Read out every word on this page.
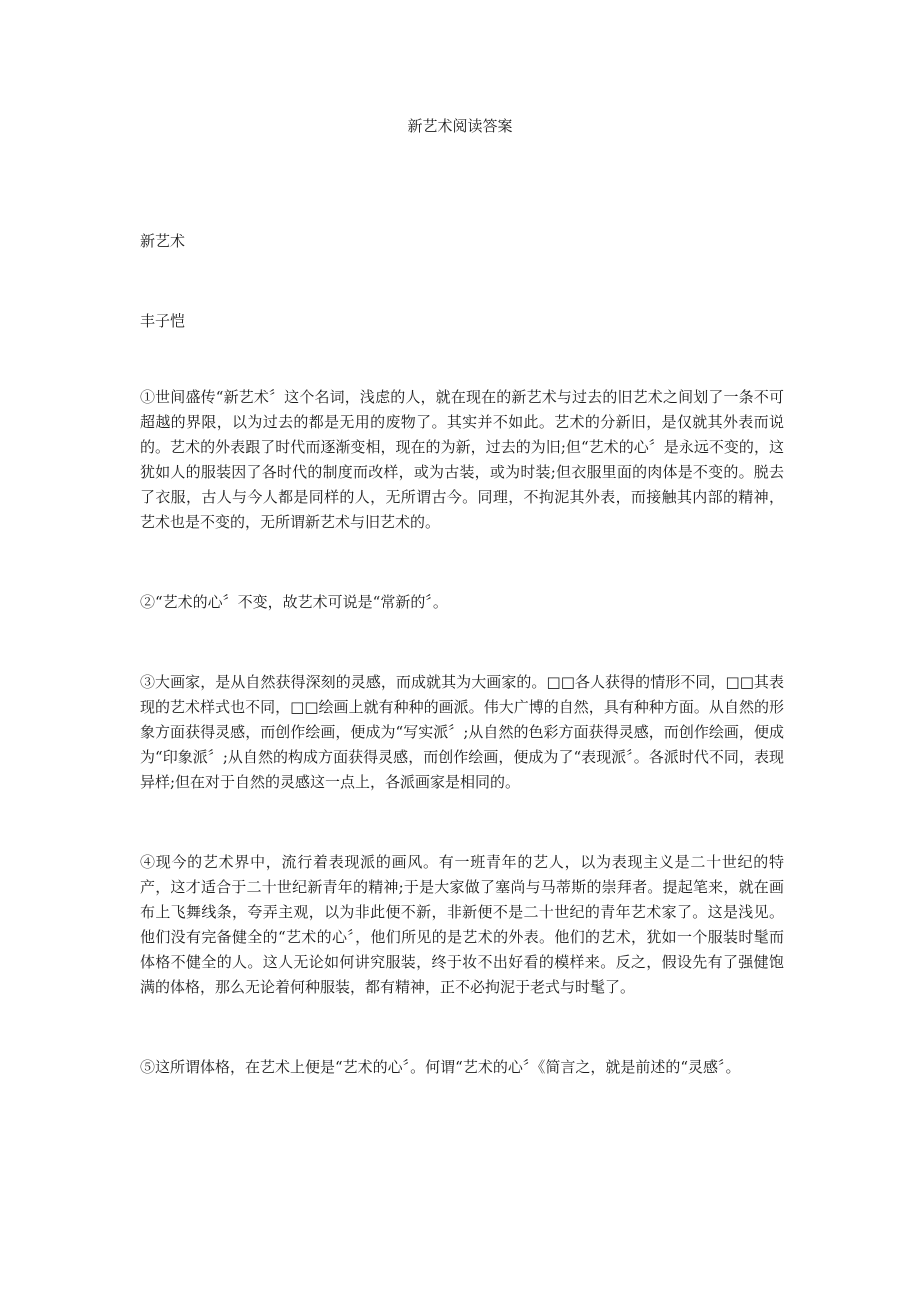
新艺术阅读答案
新艺术
丰子恺

①世间盛传“新艺术〞这个名词，浅虑的人，就在现在的新艺术与过去的旧艺术之间划了一条不可超越的界限，以为过去的都是无用的废物了。其实并不如此。艺术的分新旧，是仅就其外表而说的。艺术的外表跟了时代而逐渐变相，现在的为新，过去的为旧;但“艺术的心〞是永远不变的，这犹如人的服装因了各时代的制度而改样，或为古装，或为时装;但衣服里面的肉体是不变的。脱去了衣服，古人与今人都是同样的人，无所谓古今。同理，不拘泥其外表，而接触其内部的精神，艺术也是不变的，无所谓新艺术与旧艺术的。

②“艺术的心〞不变，故艺术可说是“常新的〞。

③大画家，是从自然获得深刻的灵感，而成就其为大画家的。□□各人获得的情形不同，□□其表现的艺术样式也不同，□□绘画上就有种种的画派。伟大广博的自然，具有种种方面。从自然的形象方面获得灵感，而创作绘画，便成为“写实派〞;从自然的色彩方面获得灵感，而创作绘画，便成为“印象派〞;从自然的构成方面获得灵感，而创作绘画，便成为了“表现派〞。各派时代不同，表现异样;但在对于自然的灵感这一点上，各派画家是相同的。

④现今的艺术界中，流行着表现派的画风。有一班青年的艺人，以为表现主义是二十世纪的特产，这才适合于二十世纪新青年的精神;于是大家做了塞尚与马蒂斯的崇拜者。提起笔来，就在画布上飞舞线条，夸弄主观，以为非此便不新，非新便不是二十世纪的青年艺术家了。这是浅见。他们没有完备健全的“艺术的心〞，他们所见的是艺术的外表。他们的艺术，犹如一个服装时髦而体格不健全的人。这人无论如何讲究服装，终于妆不出好看的模样来。反之，假设先有了强健饱满的体格，那么无论着何种服装，都有精神，正不必拘泥于老式与时髦了。

⑤这所谓体格，在艺术上便是“艺术的心〞。何谓“艺术的心〞《简言之，就是前述的“灵感〞。
